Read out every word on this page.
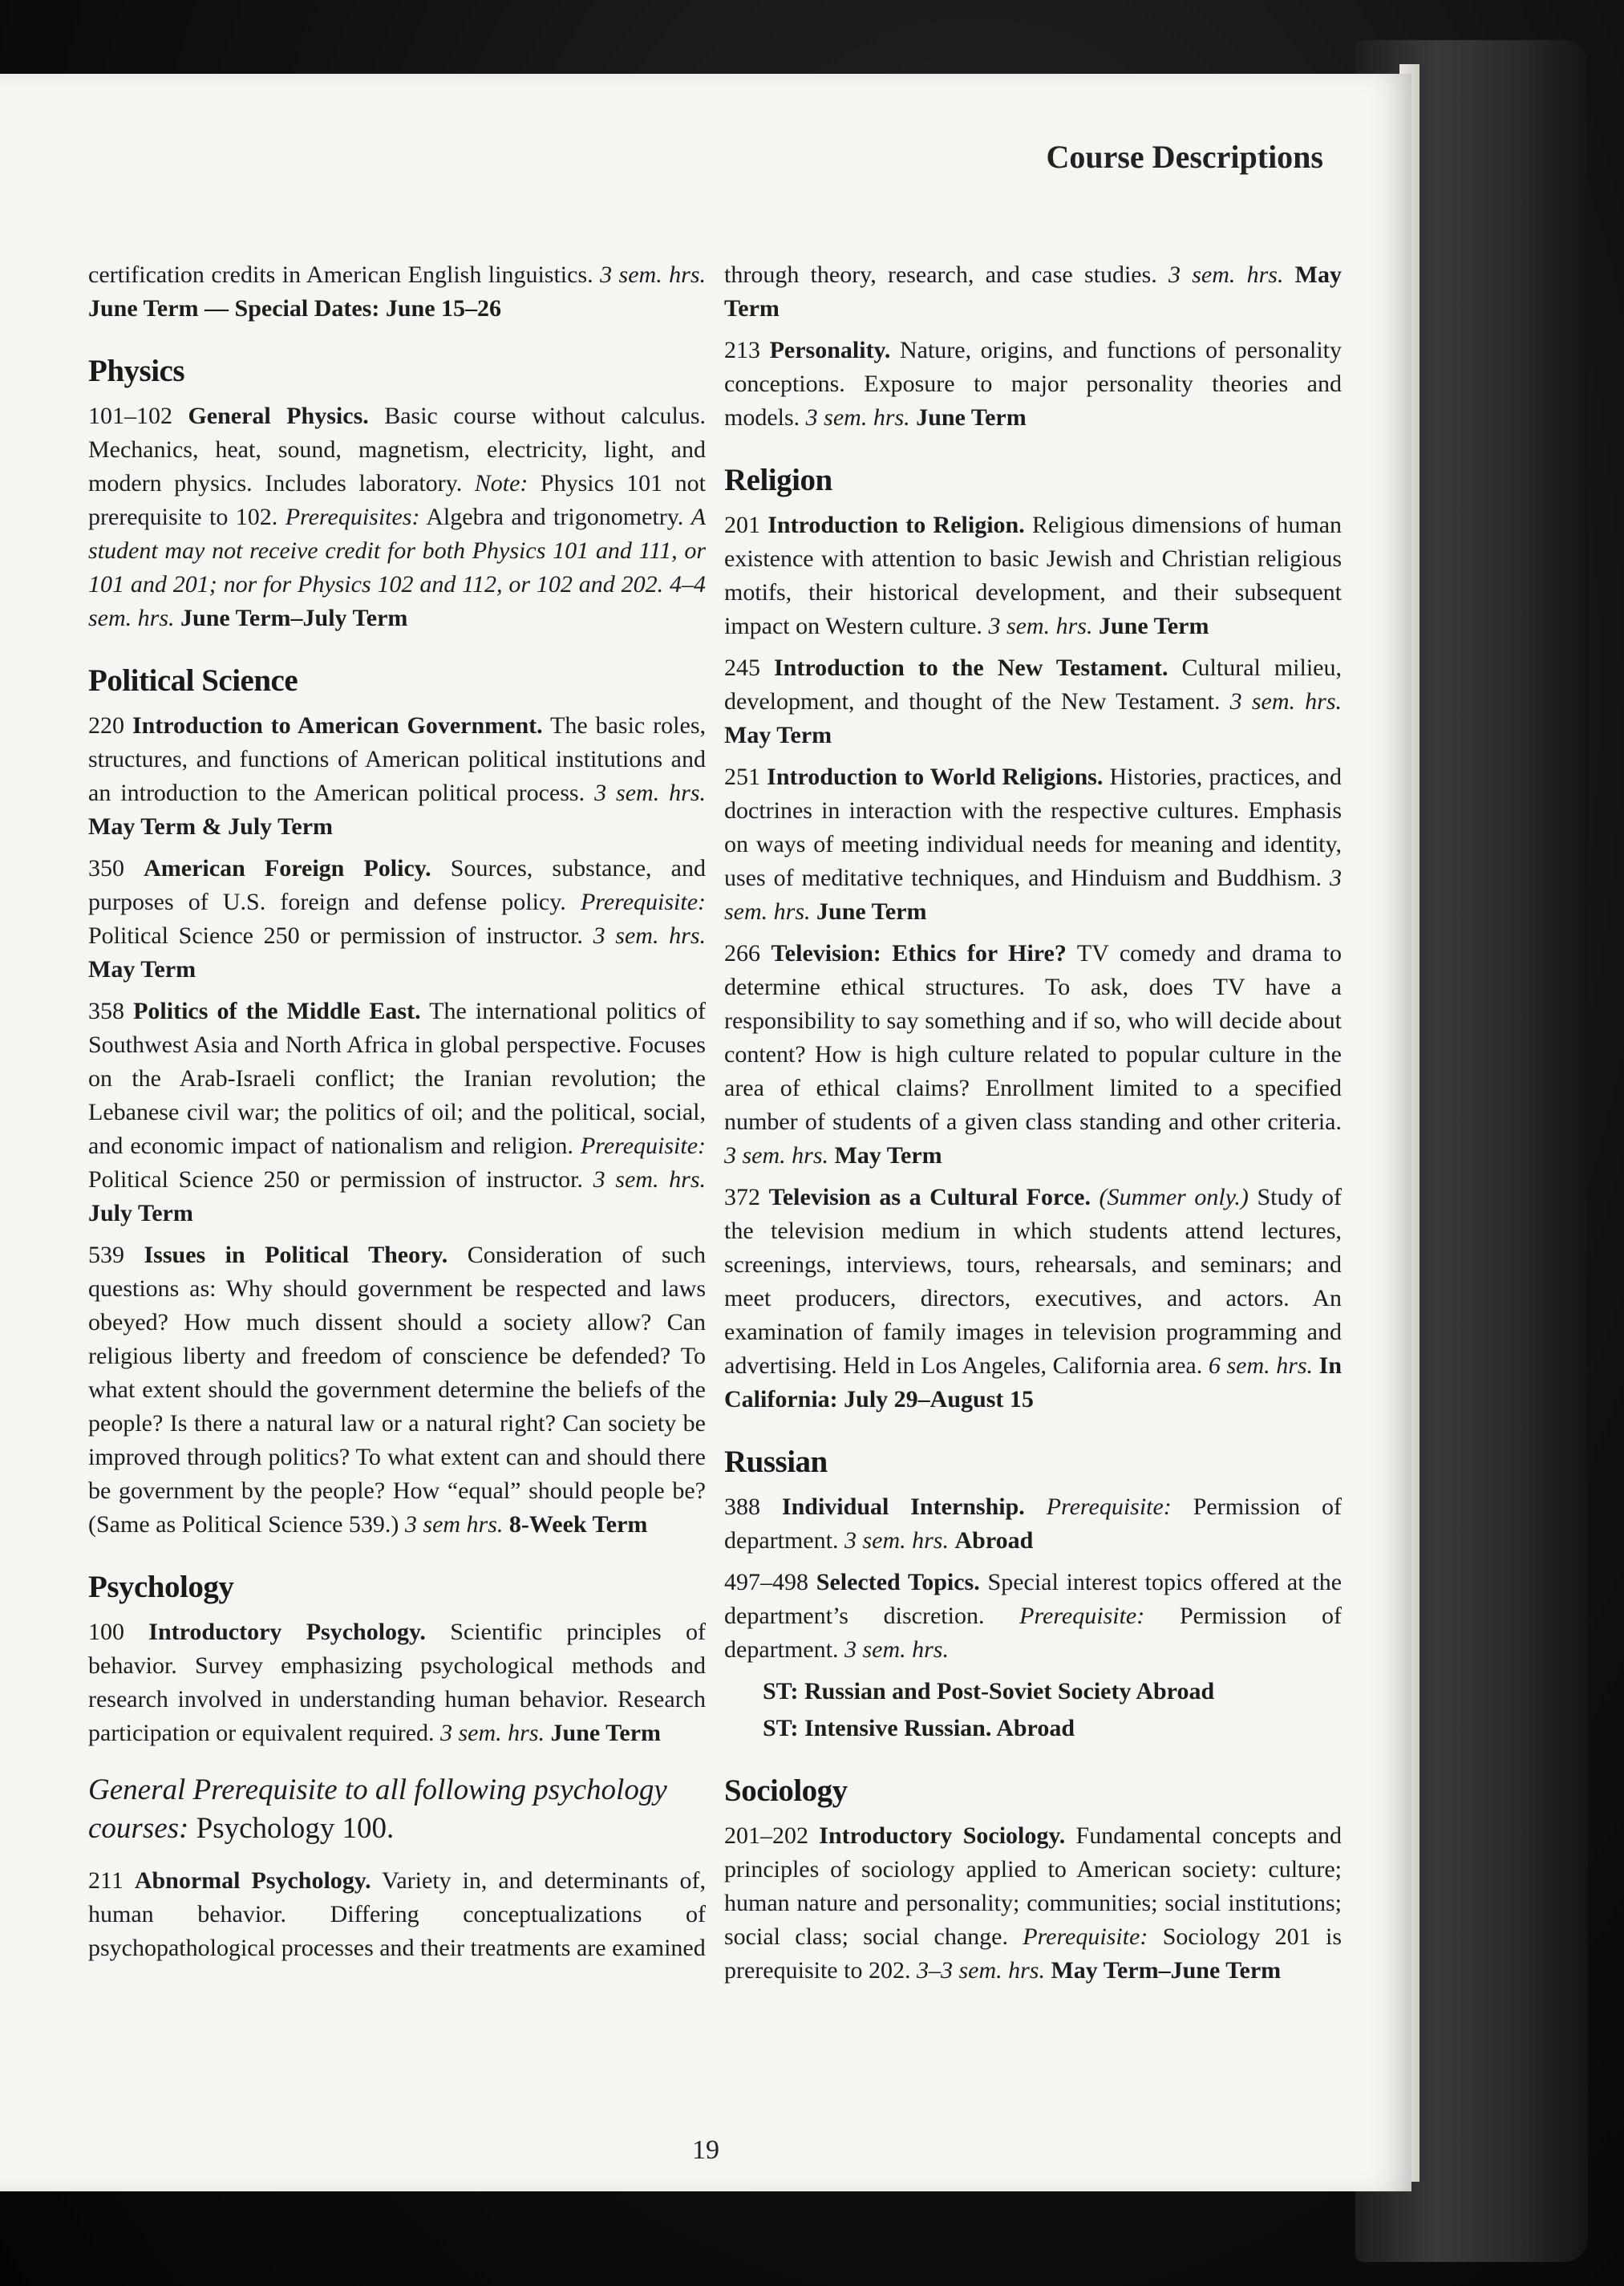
Course Descriptions

certification credits in American English linguistics. 3 sem. hrs. June Term — Special Dates: June 15–26

Physics

101–102 General Physics. Basic course without calculus. Mechanics, heat, sound, magnetism, electricity, light, and modern physics. Includes laboratory. Note: Physics 101 not prerequisite to 102. Prerequisites: Algebra and trigonometry. A student may not receive credit for both Physics 101 and 111, or 101 and 201; nor for Physics 102 and 112, or 102 and 202. 4–4 sem. hrs. June Term–July Term

Political Science

220 Introduction to American Government. The basic roles, structures, and functions of American political institutions and an introduction to the American political process. 3 sem. hrs. May Term & July Term

350 American Foreign Policy. Sources, substance, and purposes of U.S. foreign and defense policy. Prerequisite: Political Science 250 or permission of instructor. 3 sem. hrs. May Term

358 Politics of the Middle East. The international politics of Southwest Asia and North Africa in global perspective. Focuses on the Arab-Israeli conflict; the Iranian revolution; the Lebanese civil war; the politics of oil; and the political, social, and economic impact of nationalism and religion. Prerequisite: Political Science 250 or permission of instructor. 3 sem. hrs. July Term

539 Issues in Political Theory. Consideration of such questions as: Why should government be respected and laws obeyed? How much dissent should a society allow? Can religious liberty and freedom of conscience be defended? To what extent should the government determine the beliefs of the people? Is there a natural law or a natural right? Can society be improved through politics? To what extent can and should there be government by the people? How “equal” should people be? (Same as Political Science 539.) 3 sem hrs. 8-Week Term

Psychology

100 Introductory Psychology. Scientific principles of behavior. Survey emphasizing psychological methods and research involved in understanding human behavior. Research participation or equivalent required. 3 sem. hrs. June Term

General Prerequisite to all following psychology courses: Psychology 100.

211 Abnormal Psychology. Variety in, and determinants of, human behavior. Differing conceptualizations of psychopathological processes and their treatments are examined

through theory, research, and case studies. 3 sem. hrs. May Term

213 Personality. Nature, origins, and functions of personality conceptions. Exposure to major personality theories and models. 3 sem. hrs. June Term

Religion

201 Introduction to Religion. Religious dimensions of human existence with attention to basic Jewish and Christian religious motifs, their historical development, and their subsequent impact on Western culture. 3 sem. hrs. June Term

245 Introduction to the New Testament. Cultural milieu, development, and thought of the New Testament. 3 sem. hrs. May Term

251 Introduction to World Religions. Histories, practices, and doctrines in interaction with the respective cultures. Emphasis on ways of meeting individual needs for meaning and identity, uses of meditative techniques, and Hinduism and Buddhism. 3 sem. hrs. June Term

266 Television: Ethics for Hire? TV comedy and drama to determine ethical structures. To ask, does TV have a responsibility to say something and if so, who will decide about content? How is high culture related to popular culture in the area of ethical claims? Enrollment limited to a specified number of students of a given class standing and other criteria. 3 sem. hrs. May Term

372 Television as a Cultural Force. (Summer only.) Study of the television medium in which students attend lectures, screenings, interviews, tours, rehearsals, and seminars; and meet producers, directors, executives, and actors. An examination of family images in television programming and advertising. Held in Los Angeles, California area. 6 sem. hrs. In California: July 29–August 15

Russian

388 Individual Internship. Prerequisite: Permission of department. 3 sem. hrs. Abroad

497–498 Selected Topics. Special interest topics offered at the department’s discretion. Prerequisite: Permission of department. 3 sem. hrs.

ST: Russian and Post-Soviet Society Abroad

ST: Intensive Russian. Abroad

Sociology

201–202 Introductory Sociology. Fundamental concepts and principles of sociology applied to American society: culture; human nature and personality; communities; social institutions; social class; social change. Prerequisite: Sociology 201 is prerequisite to 202. 3–3 sem. hrs. May Term–June Term

19
